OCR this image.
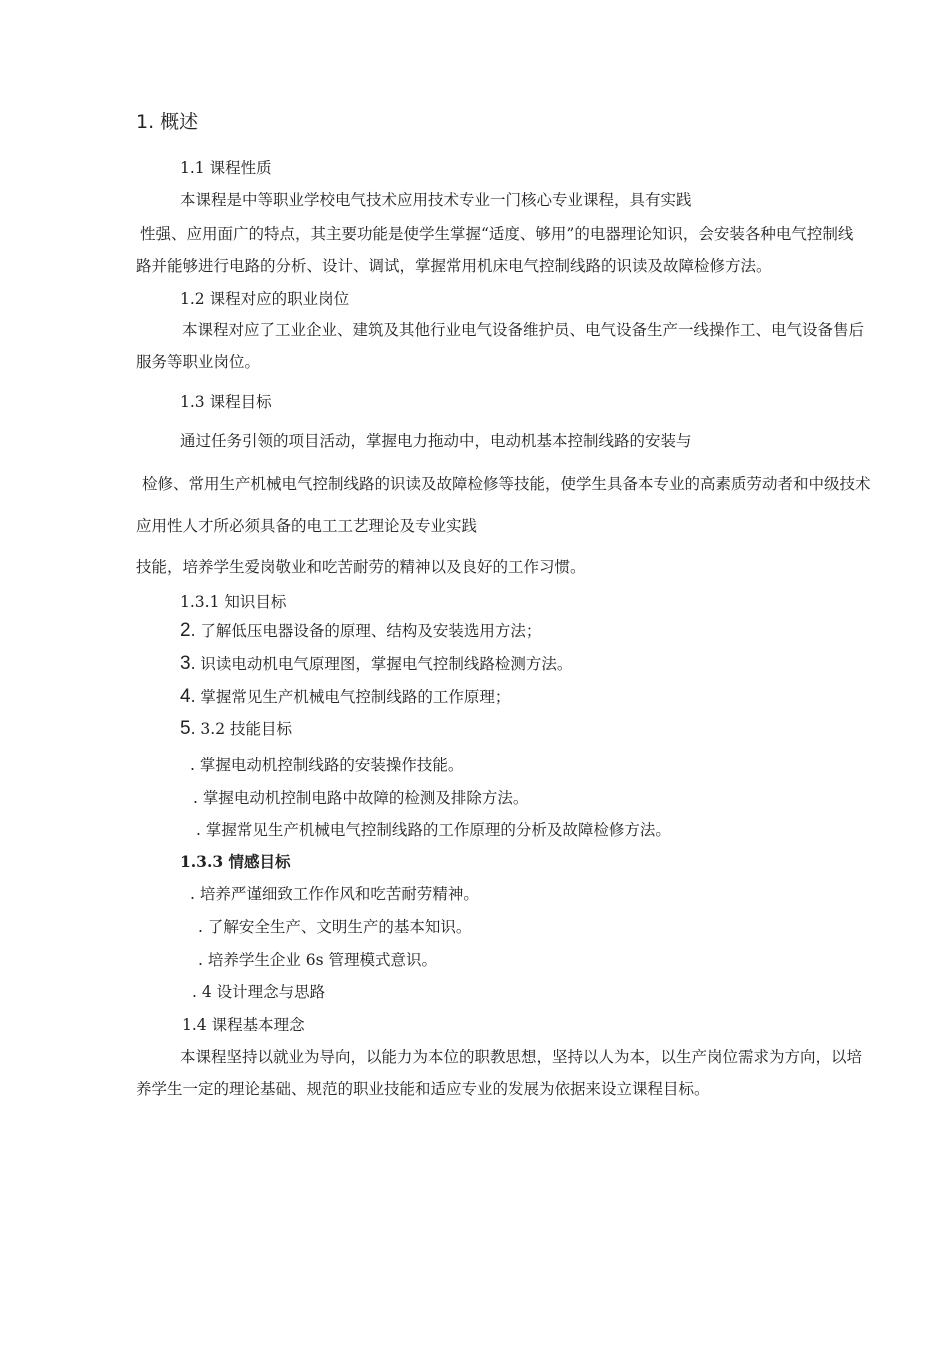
1. 概述
1.1 课程性质
本课程是中等职业学校电气技术应用技术专业一门核心专业课程，具有实践
性强、应用面广的特点，其主要功能是使学生掌握“适度、够用”的电器理论知识，会安装各种电气控制线
路并能够进行电路的分析、设计、调试，掌握常用机床电气控制线路的识读及故障检修方法。
1.2 课程对应的职业岗位
本课程对应了工业企业、建筑及其他行业电气设备维护员、电气设备生产一线操作工、电气设备售后
服务等职业岗位。
1.3 课程目标
通过任务引领的项目活动，掌握电力拖动中，电动机基本控制线路的安装与
检修、常用生产机械电气控制线路的识读及故障检修等技能，使学生具备本专业的高素质劳动者和中级技术
应用性人才所必须具备的电工工艺理论及专业实践
技能，培养学生爱岗敬业和吃苦耐劳的精神以及良好的工作习惯。
1.3.1 知识目标
2. 了解低压电器设备的原理、结构及安装选用方法；
3. 识读电动机电气原理图，掌握电气控制线路检测方法。
4. 掌握常见生产机械电气控制线路的工作原理；
5. 3.2 技能目标
. 掌握电动机控制线路的安装操作技能。
. 掌握电动机控制电路中故障的检测及排除方法。
. 掌握常见生产机械电气控制线路的工作原理的分析及故障检修方法。
1.3.3 情感目标
. 培养严谨细致工作作风和吃苦耐劳精神。
. 了解安全生产、文明生产的基本知识。
. 培养学生企业 6s 管理模式意识。
. 4 设计理念与思路
1.4 课程基本理念
本课程坚持以就业为导向，以能力为本位的职教思想，坚持以人为本，以生产岗位需求为方向，以培
养学生一定的理论基础、规范的职业技能和适应专业的发展为依据来设立课程目标。
